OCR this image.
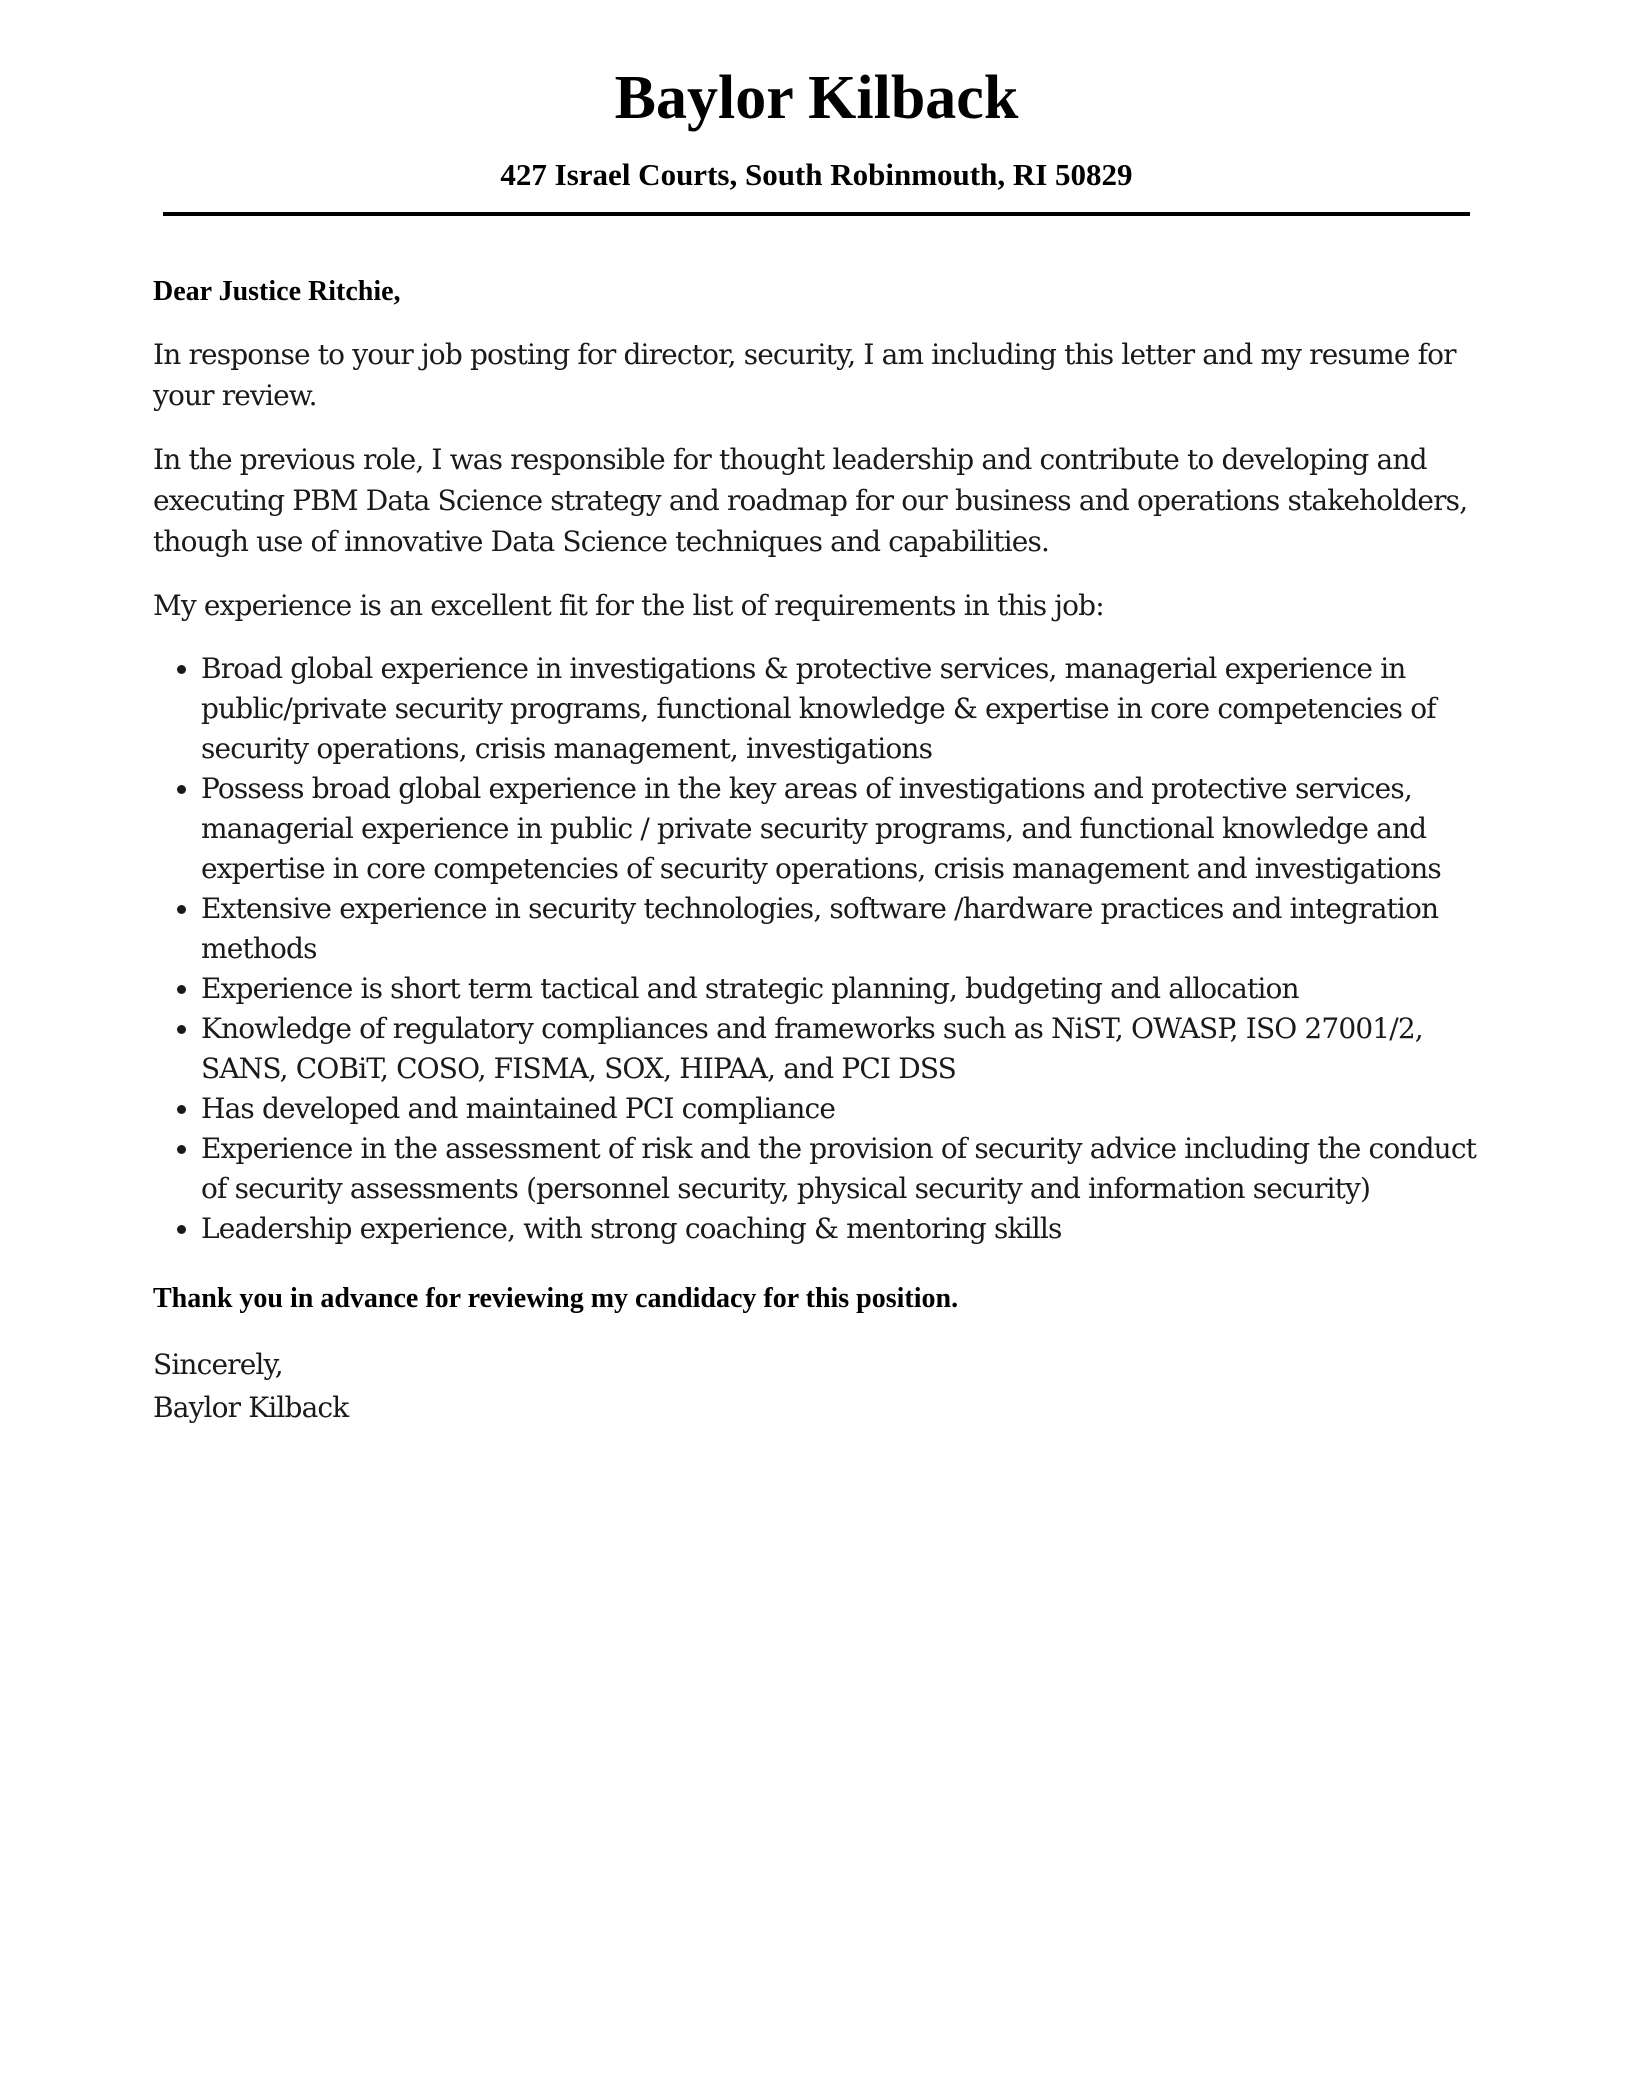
Baylor Kilback
427 Israel Courts, South Robinmouth, RI 50829

Dear Justice Ritchie,

In response to your job posting for director, security, I am including this letter and my resume for your review.

In the previous role, I was responsible for thought leadership and contribute to developing and executing PBM Data Science strategy and roadmap for our business and operations stakeholders, though use of innovative Data Science techniques and capabilities.

My experience is an excellent fit for the list of requirements in this job:

• Broad global experience in investigations & protective services, managerial experience in public/private security programs, functional knowledge & expertise in core competencies of security operations, crisis management, investigations
• Possess broad global experience in the key areas of investigations and protective services, managerial experience in public / private security programs, and functional knowledge and expertise in core competencies of security operations, crisis management and investigations
• Extensive experience in security technologies, software /hardware practices and integration methods
• Experience is short term tactical and strategic planning, budgeting and allocation
• Knowledge of regulatory compliances and frameworks such as NiST, OWASP, ISO 27001/2, SANS, COBiT, COSO, FISMA, SOX, HIPAA, and PCI DSS
• Has developed and maintained PCI compliance
• Experience in the assessment of risk and the provision of security advice including the conduct of security assessments (personnel security, physical security and information security)
• Leadership experience, with strong coaching & mentoring skills

Thank you in advance for reviewing my candidacy for this position.

Sincerely,

Baylor Kilback
